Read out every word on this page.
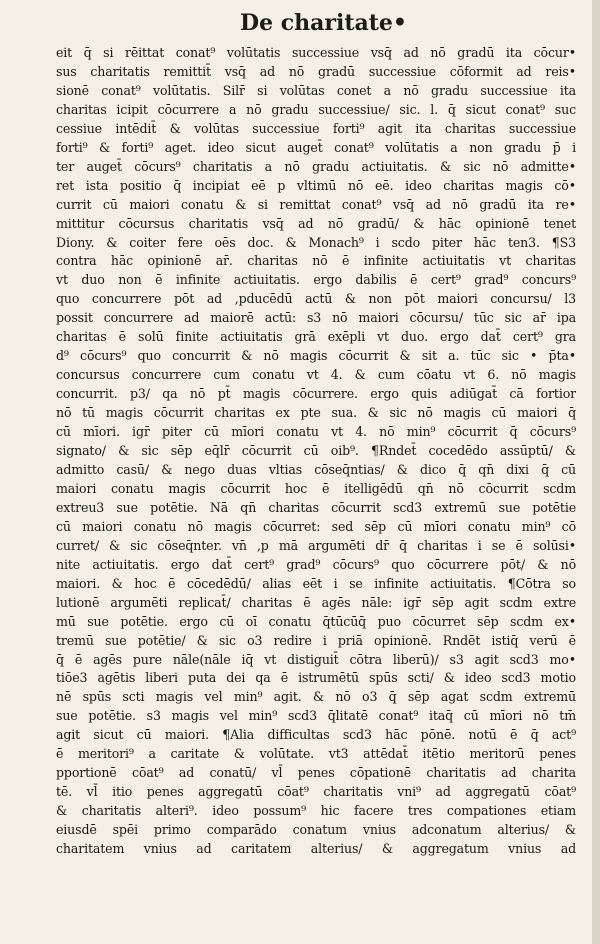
De charitate•
eit q̄ si rēittat conat⁹ volūtatis successiue vsq̄ ad nō gradū ita cōcur•
sus charitatis remittit̄ vsq̄ ad nō gradū successiue cōformit ad reis•
sionē conat⁹ volūtatis. Silr̄ si volūtas conet a nō gradu successiue ita
charitas icipit cōcurrere a nō gradu successiue/ sic. l. q̄ sicut conat⁹ suc
cessiue intēdit̄ & volūtas successiue forti⁹ agit ita charitas successiue
forti⁹ & forti⁹ aget. ideo sicut auget̄ conat⁹ volūtatis a non gradu p̄ i
ter auget̄ cōcurs⁹ charitatis a nō gradu actiuitatis. & sic nō admitte•
ret ista positio q̄ incipiat eē p vltimū nō eē. ideo charitas magis cō•
currit cū maiori conatu & si remittat conat⁹ vsq̄ ad nō gradū ita re•
mittitur cōcursus charitatis vsq̄ ad nō gradū/ & hāc opinionē tenet
Diony. & coiter fere oēs doc. & Monach⁹ i scdo piter hāc ten3. ¶S3
contra hāc opinionē ar̄. charitas nō ē infinite actiuitatis vt charitas
vt duo non ē infinite actiuitatis. ergo dabilis ē cert⁹ grad⁹ concurs⁹
quo concurrere pōt ad ,pducēdū actū & non pōt maiori concursu/ l3
possit concurrere ad maiorē actū: s3 nō maiori cōcursu/ tūc sic ar̄ ipa
charitas ē solū finite actiuitatis grā exēpli vt duo. ergo dat̄ cert⁹ gra
d⁹ cōcurs⁹ quo concurrit & nō magis cōcurrit & sit a. tūc sic • p̄ta•
concursus concurrere cum conatu vt 4. & cum cōatu vt 6. nō magis
concurrit. p3/ qa nō pt̄ magis cōcurrere. ergo quis adiūgat̄ cā fortior
nō tū magis cōcurrit charitas ex pte sua. & sic nō magis cū maiori q̄
cū mīori. igr̄ piter cū mīori conatu vt 4. nō min⁹ cōcurrit q̄ cōcurs⁹
signato/ & sic sēp eq̄lr̄ cōcurrit cū oib⁹. ¶Rndet̄ cocedēdo assūptū/ &
admitto casū/ & nego duas vltias cōseq̄ntias/ & dico q̄ qn̄ dixi q̄ cū
maiori conatu magis cōcurrit hoc ē itelligēdū qn̄ nō cōcurrit scdm
extreu3 sue potētie. Nā qn̄ charitas cōcurrit scd3 extremū sue potētie
cū maiori conatu nō magis cōcurret: sed sēp cū mīori conatu min⁹ cō
curret/ & sic cōseq̄nter. vn̄ ,p mā argumēti dr̄ q̄ charitas i se ē solūsi•
nite actiuitatis. ergo dat̄ cert⁹ grad⁹ cōcurs⁹ quo cōcurrere pōt/ & nō
maiori. & hoc ē cōcedēdū/ alias eēt i se infinite actiuitatis. ¶Cōtra so
lutionē argumēti replicat̄/ charitas ē agēs nāle: igr̄ sēp agit scdm extre
mū sue potētie. ergo cū oī conatu q̄tūcūq̄ puo cōcurret sēp scdm ex•
tremū sue potētie/ & sic o3 redire i priā opinionē. Rndēt istiq̄ verū ē
q̄ ē agēs pure nāle(nāle iq̄ vt distiguit̄ cōtra liberū)/ s3 agit scd3 mo•
tiōe3 agētis liberi puta dei qa ē istrumētū spūs scti/ & ideo scd3 motio
nē spūs scti magis vel min⁹ agit. & nō o3 q̄ sēp agat scdm extremū
sue potētie. s3 magis vel min⁹ scd3 q̄litatē conat⁹ itaq̄ cū mīori nō tm̄
agit sicut cū maiori. ¶Alia difficultas scd3 hāc pōnē. notū ē q̄ act⁹
ē meritori⁹ a caritate & volūtate. vt3 attēdat̄ itētio meritorū penes
pportionē cōat⁹ ad conatū/ vl̄ penes cōpationē charitatis ad charita
tē. vl̄ itio penes aggregatū cōat⁹ charitatis vni⁹ ad aggregatū cōat⁹
& charitatis alteri⁹. ideo possum⁹ hic facere tres compationes etiam
eiusdē spēi primo comparādo conatum vnius adconatum alterius/ &
charitatem vnius ad caritatem alterius/ & aggregatum vnius ad
